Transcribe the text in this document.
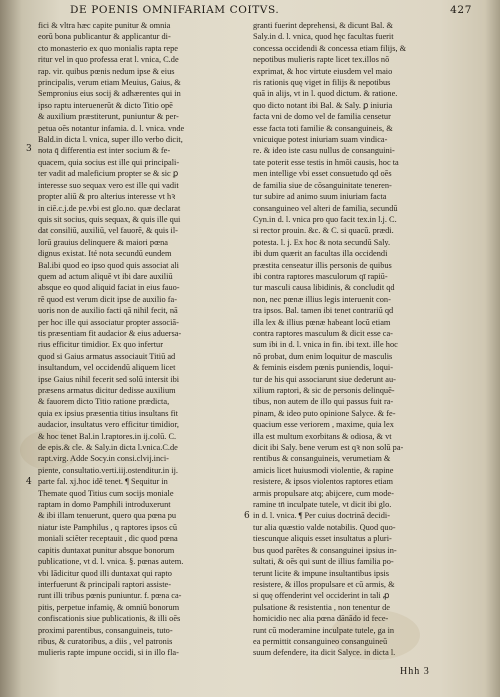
DE POENIS OMNIFARIAM COITVS.	427

fici & vltra hæc capite punitur & omnia

eorū bona publicantur & applicantur di-

cto monasterio ex quo monialis rapta repe

ritur vel in quo professa erat l. vnica, C.de

rap. vir. quibus pœnis nedum ipse & eius

principalis, verum etiam Meuius, Gaius, &

Sempronius eius socij & adhærentes qui in

ipso raptu interuenerūt & dicto Titio opē

& auxilium præstiterunt, puniuntur & per-

petua oēs notantur infamia. d. l. vnica. vnde

Bald.in dicta l. vnica, super illo verbo dicit,

nota q̄ differentia est inter socium & fe-

quacem, quia socius est ille qui principali-

ter vadit ad maleficium propter se & sic ꝑ

interesse suo sequax vero est ille qui vadit

propter aliū & pro alterius interesse vt hꝛ

in ciē.c.j.de pe.vbi est glo.no. quæ declarat

quis sit socius, quis sequax, & quis ille qui

dat consiliū, auxiliū, vel fauorē, & quis il-

lorū grauius delinquere & maiori pœna

dignus existat. Ité nota secundū eundem

Bal.ibi quod eo ipso quod quis associat ali

quem ad actum aliquē vt ibi dare auxiliū

absque eo quod aliquid faciat in eius fauo-

rē quod est verum dicit ipse de auxilio fa-

uoris non de auxilio facti qā nihil fecit, nā

per hoc ille qui associatur propter associā-

tis præsentiam fit audacior & eius aduersa-

rius efficitur timidior. Ex quo infertur

quod si Gaius armatus associauit Titiū ad

insultandum, vel occidendū aliquem licet

ipse Gaius nihil fecerit sed solū intersit ibi

præsens armatus dicitur dedisse auxilium

& fauorem dicto Titio ratione prædicta,

quia ex ipsius præsentia titius insultans fit

audacior, insultatus vero efficitur timidior,

& hoc tenet Bal.in l.raptores.in ij.colū. C.

de epis.& cle. & Saly.in dicta l.vnica.C.de

rapt.virg. Adde Socy.in consi.clvij.inci-

piente, consultatio.verti.iij.ostenditur.in ij.

parte fal. xj.hoc idē tenet. ¶ Sequitur in

Themate quod Titius cum socijs moniale

raptam in domo Pamphili introduxerunt

& ibi illam tenuerunt, quero qua pœna pu

niatur iste Pamphilus , q raptores ipsos cū

moniali sciēter receptauit , dic quod pœna

capitis duntaxat punitur absque bonorum

publicatione, vt d. l. vnica. §. pœnas autem.

vbi Iādicitur quod illi duntaxat qui rapto

interfuerunt & principali raptori assiste-

runt illi tribus pœnis puniuntur. f. pœna ca-

pitis, perpetue infamię, & omniū bonorum

confiscationis siue publicationis, & illi oēs

proximi parentibus, consanguineis, tuto-

ribus, & curatoribus, a diis , vel patronis

mulieris rapte impune occidi, si in illo fla-

granti fuerint deprehensi, & dicunt Bal. &

Saly.in d. l. vnica, quod hęc facultas fuerit

concessa occidendi & concessa etiam filijs, &

nepotibus mulieris rapte licet tex.illos nō

exprimat, & hoc virtute eiusdem vel maio

ris rationis quę viget in filijs & nepotibus

quā in alijs, vt in l. quod dictum. & ratione.

quo dicto notant ibi Bal. & Saly. ꝑ iniuria

facta vni de domo vel de familia censetur

esse facta toti familie & consanguineis, &

vnicuique potest iniuriam suam vindica-

re. & ideo iste casu nullus de consanguini-

tate poterit esse testis in hmōi causis, hoc ta

men intellige vbi esset consuetudo qd oēs

de familia siue de cōsanguinitate teneren-

tur subire ad animo suum iniuriam facta

consanguineo vel alteri de familia, secundū

Cyn.in d. l. vnica pro quo facit tex.in l.j. C.

si rector prouin. &c. & C. si quacū. prædi.

potesta. l. j. Ex hoc & nota secundū Saly.

ibi dum quærit an facultas illa occidendi

præstita censeatur illis personis de quibus

ibi contra raptores masculorum qī rapiū-

tur masculi causa libidinis, & concludit qd

non, nec pœnæ illius legis interuenit con-

tra ipsos. Bal. tamen ibi tenet contrariū qd

illa lex & illius pœnæ habeant locū etiam

contra raptores masculum & dicit esse ca-

sum ibi in d. l. vnica in fin. ibi text. ille hoc

nō probat, dum enim loquitur de masculis

& feminis eisdem pœnis puniendis, loqui-

tur de his qui associarunt siue dederunt au-

xilium raptori, & sic de personis delinquē-

tibus, non autem de illo qui passus fuit ra-

pinam, & ideo puto opinione Salyce. & fe-

quacium esse veriorem , maxime, quia lex

illa est multum exorbitans & odiosa, & vt

dicit ibi Saly. bene verum est qꝛ non solū pa-

rentibus & consanguineis, verumetiam &

amicis licet huiusmodi violentie, & rapine

resistere, & ipsos violentos raptores etiam

armis propulsare atq; abijcere, cum mode-

ramine tn̄ inculpate tutele, vt dicit ibi glo.

in d. l. vnica. ¶ Per cuius doctrinā decidi-

tur alia quæstio valde notabilis. Quod quo-

tiescunque aliquis esset insultatus a pluri-

bus quod parētes & consanguinei ipsius in-

sultati, & oēs qui sunt de illius familia po-

terunt licite & impune insultantibus ipsis

resistere, & illos propulsare et cū armis, &

si quę offenderint vel occiderint in tali ꝓ

pulsatione & resistentia , non tenentur de

homicidio nec alia pœna dānādo id fece-

runt cū moderamine inculpate tutele, ga in

ea permittit consanguineo consanguineū

suum defendere, ita dicit Salyce. in dicta l.

3
4
6
Hhh 3
